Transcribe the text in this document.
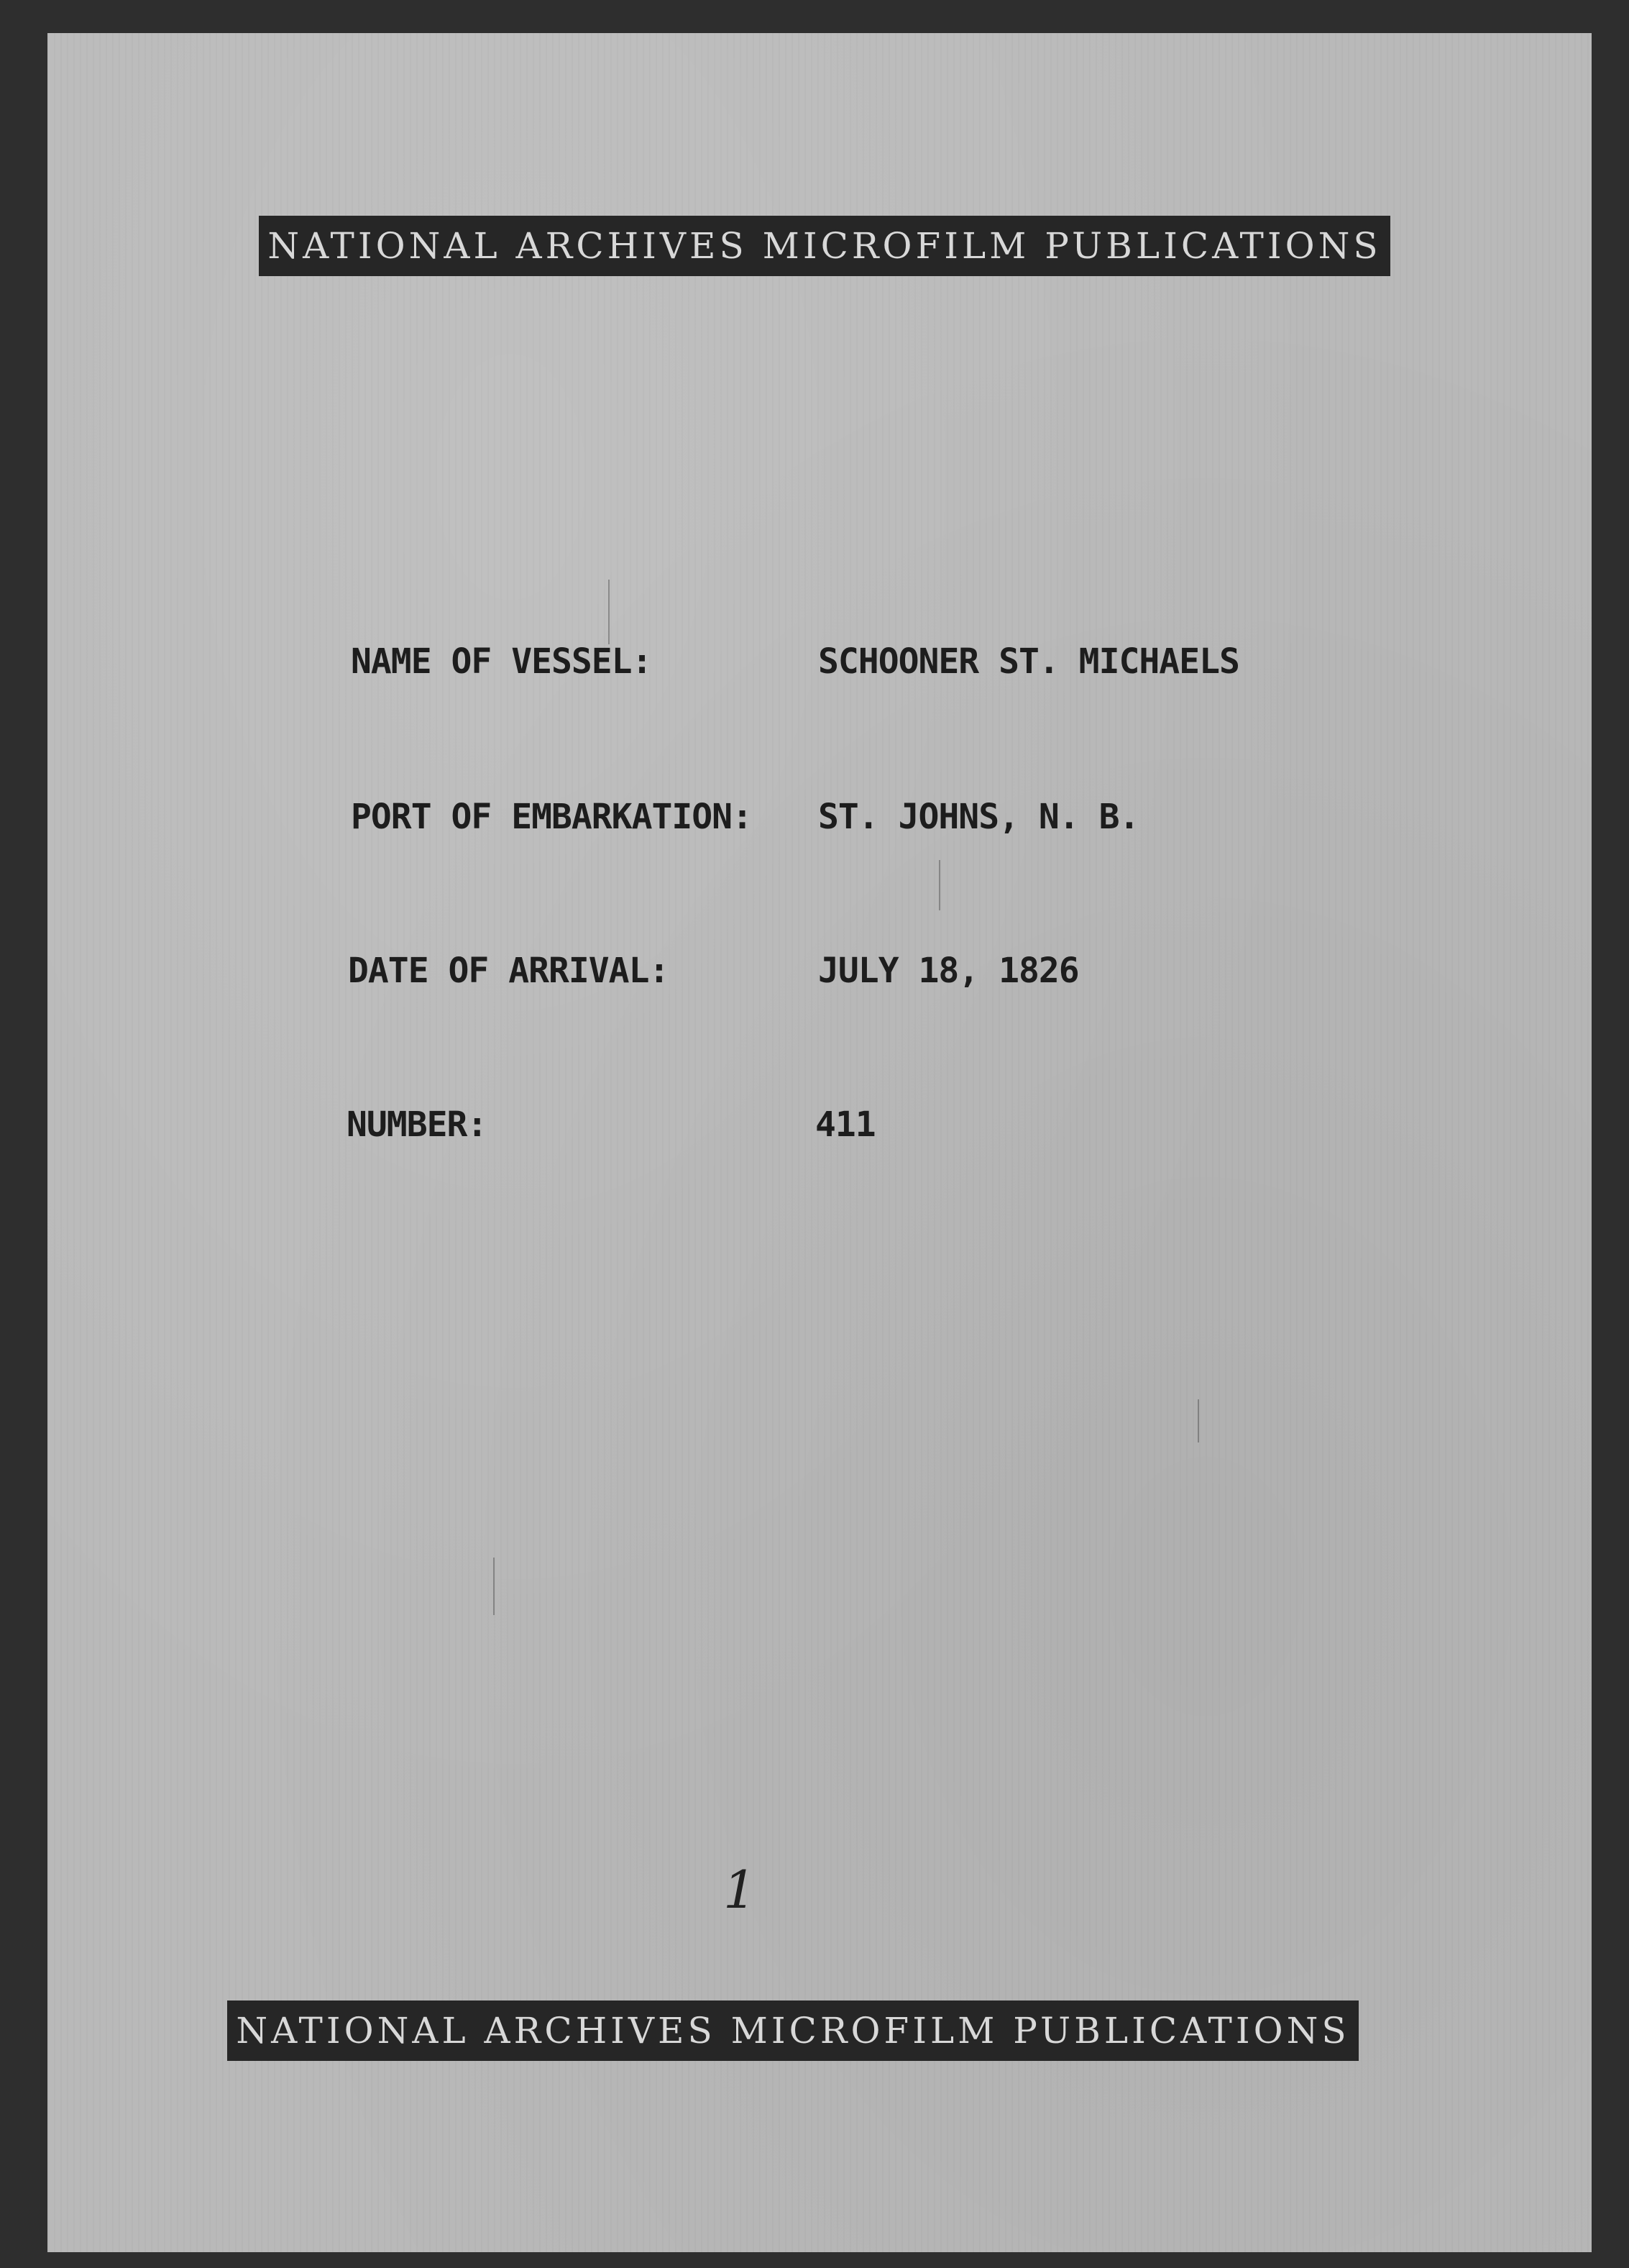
NATIONAL ARCHIVES MICROFILM PUBLICATIONS
NAME OF VESSEL:	SCHOONER ST. MICHAELS
PORT OF EMBARKATION: ST. JOHNS, N. B.
DATE OF ARRIVAL:	JULY 18, 1826
NUMBER:	411
1
NATIONAL ARCHIVES MICROFILM PUBLICATIONS
